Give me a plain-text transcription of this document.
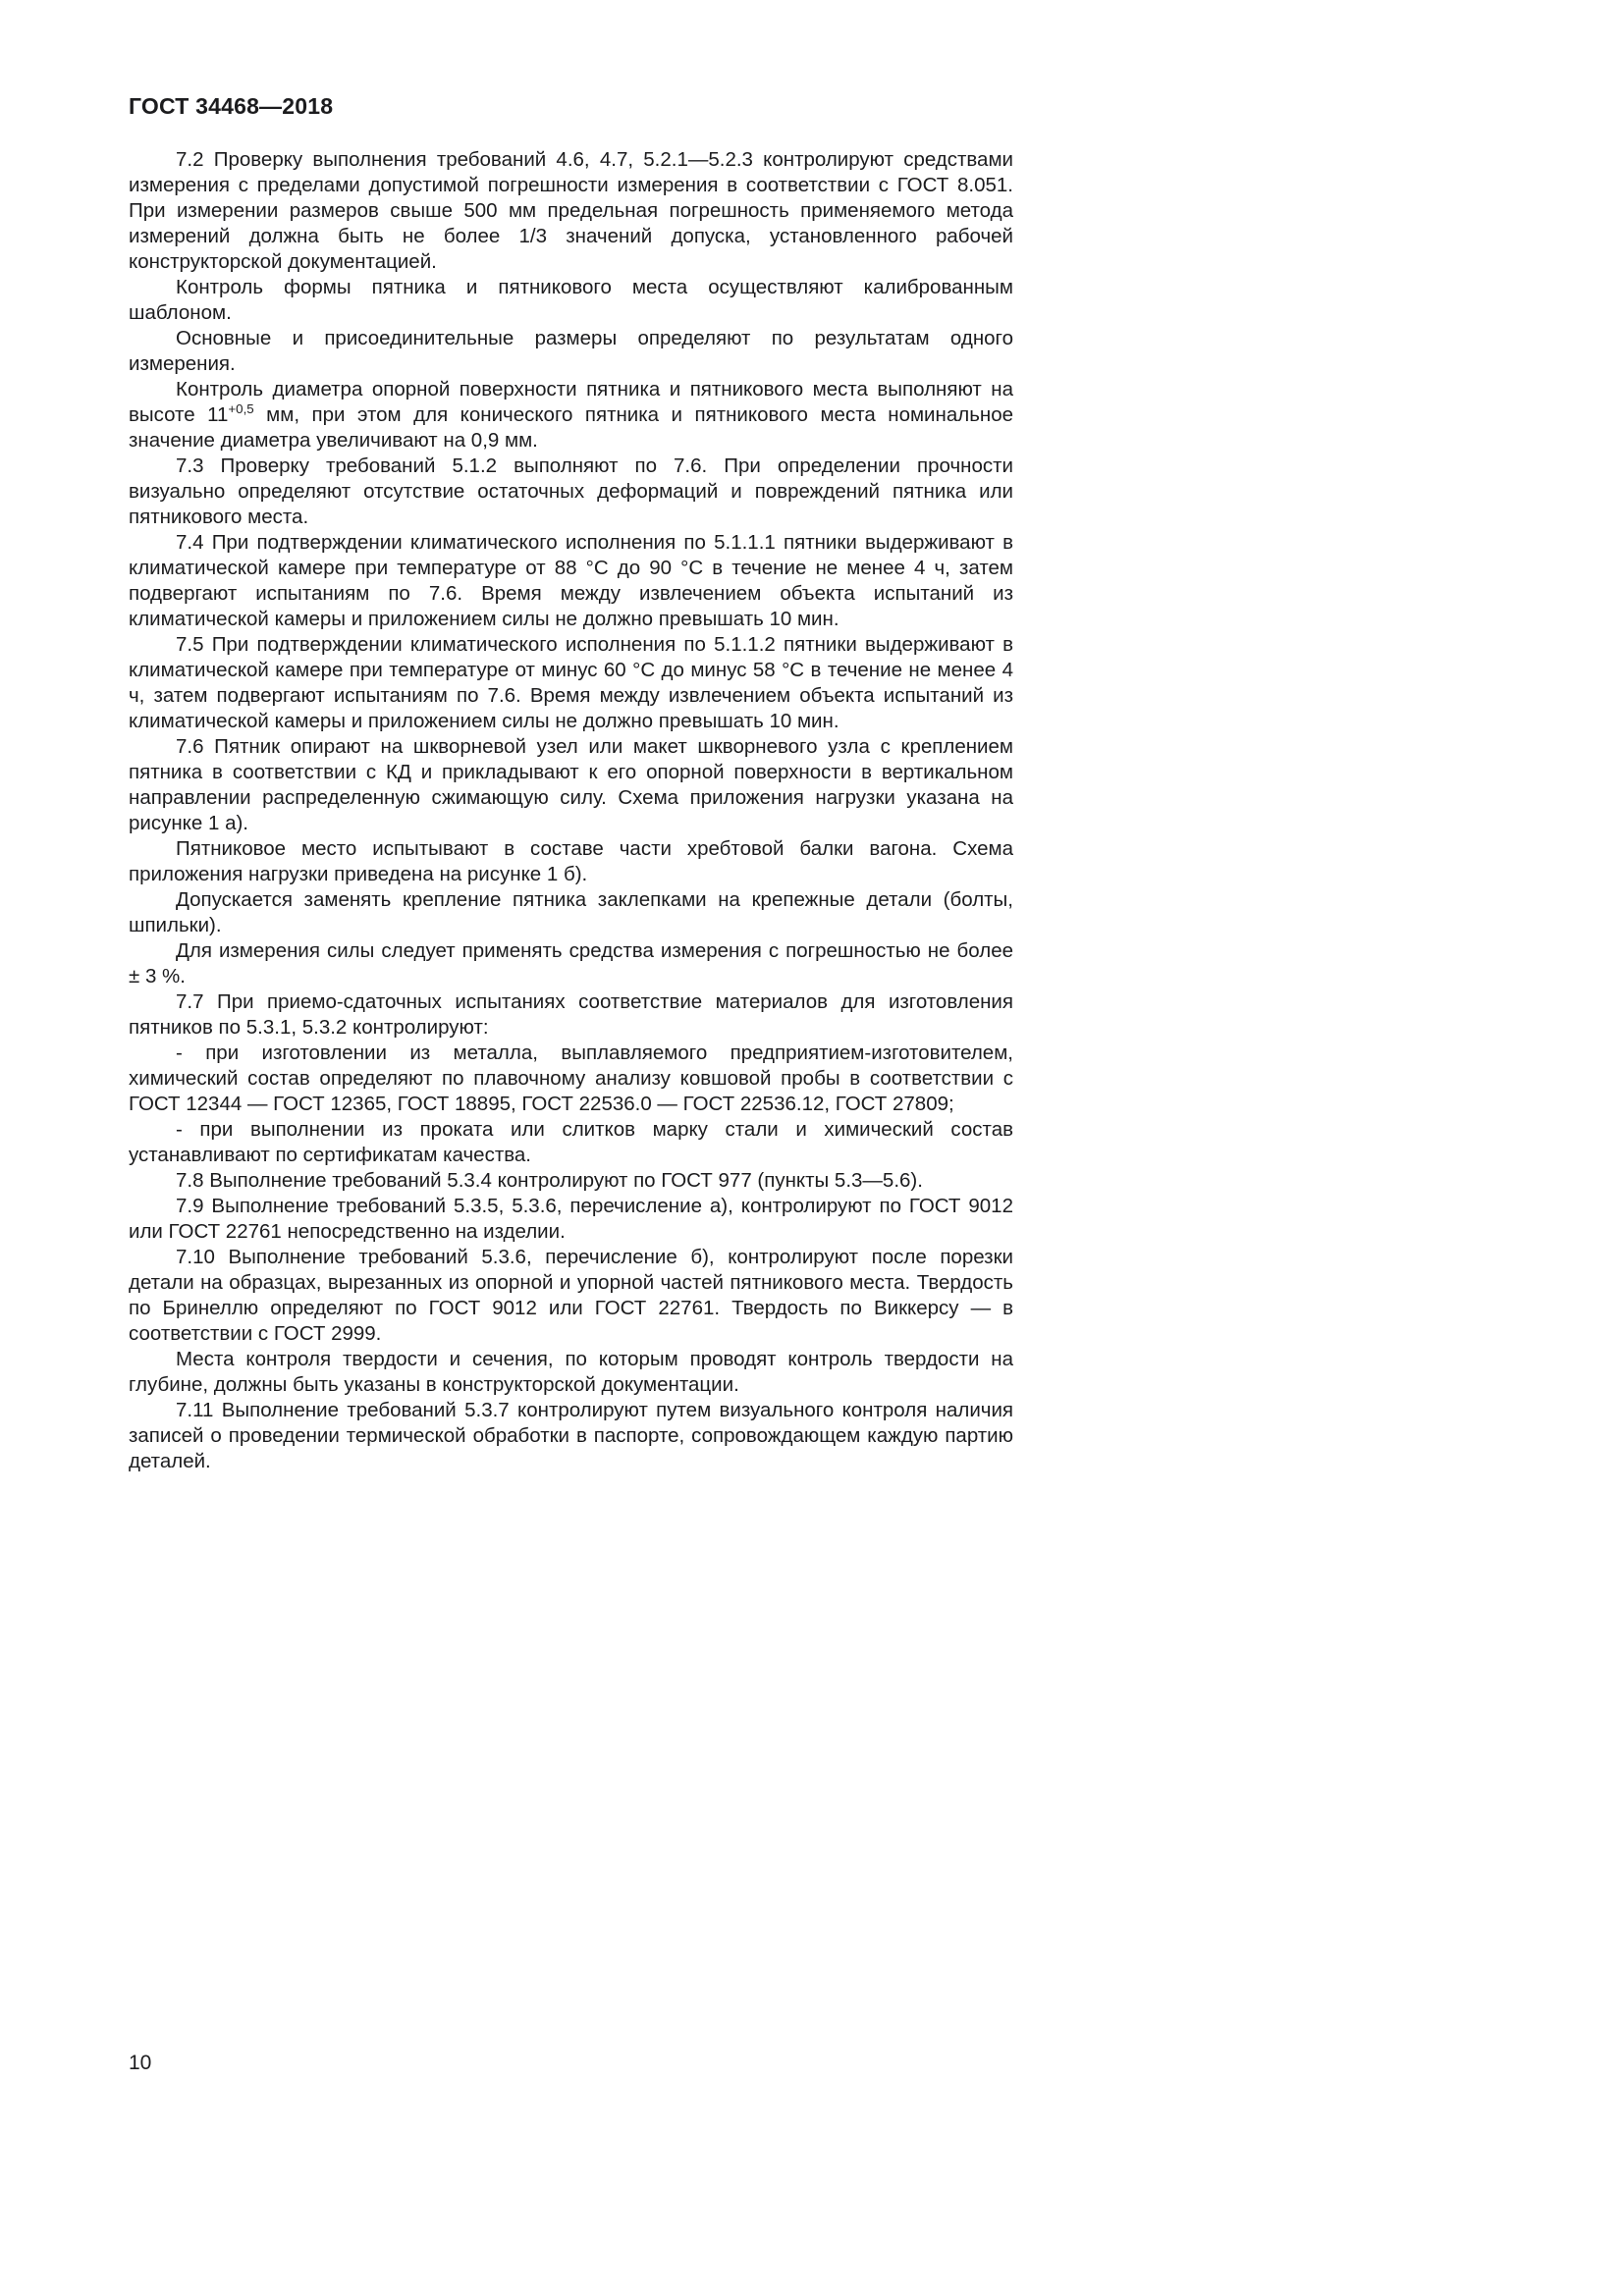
ГОСТ 34468—2018

7.2 Проверку выполнения требований 4.6, 4.7, 5.2.1—5.2.3 контролируют средствами измерения с пределами допустимой погрешности измерения в соответствии с ГОСТ 8.051. При измерении размеров свыше 500 мм предельная погрешность применяемого метода измерений должна быть не более 1/3 значений допуска, установленного рабочей конструкторской документацией.

Контроль формы пятника и пятникового места осуществляют калиброванным шаблоном.

Основные и присоединительные размеры определяют по результатам одного измерения.

Контроль диаметра опорной поверхности пятника и пятникового места выполняют на высоте $11^{+0,5}$ мм, при этом для конического пятника и пятникового места номинальное значение диаметра увеличивают на 0,9 мм.

7.3 Проверку требований 5.1.2 выполняют по 7.6. При определении прочности визуально определяют отсутствие остаточных деформаций и повреждений пятника или пятникового места.

7.4 При подтверждении климатического исполнения по 5.1.1.1 пятники выдерживают в климатической камере при температуре от 88 °С до 90 °С в течение не менее 4 ч, затем подвергают испытаниям по 7.6. Время между извлечением объекта испытаний из климатической камеры и приложением силы не должно превышать 10 мин.

7.5 При подтверждении климатического исполнения по 5.1.1.2 пятники выдерживают в климатической камере при температуре от минус 60 °С до минус 58 °С в течение не менее 4 ч, затем подвергают испытаниям по 7.6. Время между извлечением объекта испытаний из климатической камеры и приложением силы не должно превышать 10 мин.

7.6 Пятник опирают на шкворневой узел или макет шкворневого узла с креплением пятника в соответствии с КД и прикладывают к его опорной поверхности в вертикальном направлении распределенную сжимающую силу. Схема приложения нагрузки указана на рисунке 1 а).

Пятниковое место испытывают в составе части хребтовой балки вагона. Схема приложения нагрузки приведена на рисунке 1 б).

Допускается заменять крепление пятника заклепками на крепежные детали (болты, шпильки).

Для измерения силы следует применять средства измерения с погрешностью не более ± 3 %.

7.7 При приемо-сдаточных испытаниях соответствие материалов для изготовления пятников по 5.3.1, 5.3.2 контролируют:

- при изготовлении из металла, выплавляемого предприятием-изготовителем, химический состав определяют по плавочному анализу ковшовой пробы в соответствии с ГОСТ 12344 — ГОСТ 12365, ГОСТ 18895, ГОСТ 22536.0 — ГОСТ 22536.12, ГОСТ 27809;

- при выполнении из проката или слитков марку стали и химический состав устанавливают по сертификатам качества.

7.8 Выполнение требований 5.3.4 контролируют по ГОСТ 977 (пункты 5.3—5.6).

7.9 Выполнение требований 5.3.5, 5.3.6, перечисление а), контролируют по ГОСТ 9012 или ГОСТ 22761 непосредственно на изделии.

7.10 Выполнение требований 5.3.6, перечисление б), контролируют после порезки детали на образцах, вырезанных из опорной и упорной частей пятникового места. Твердость по Бринеллю определяют по ГОСТ 9012 или ГОСТ 22761. Твердость по Виккерсу — в соответствии с ГОСТ 2999.

Места контроля твердости и сечения, по которым проводят контроль твердости на глубине, должны быть указаны в конструкторской документации.

7.11 Выполнение требований 5.3.7 контролируют путем визуального контроля наличия записей о проведении термической обработки в паспорте, сопровождающем каждую партию деталей.

10
